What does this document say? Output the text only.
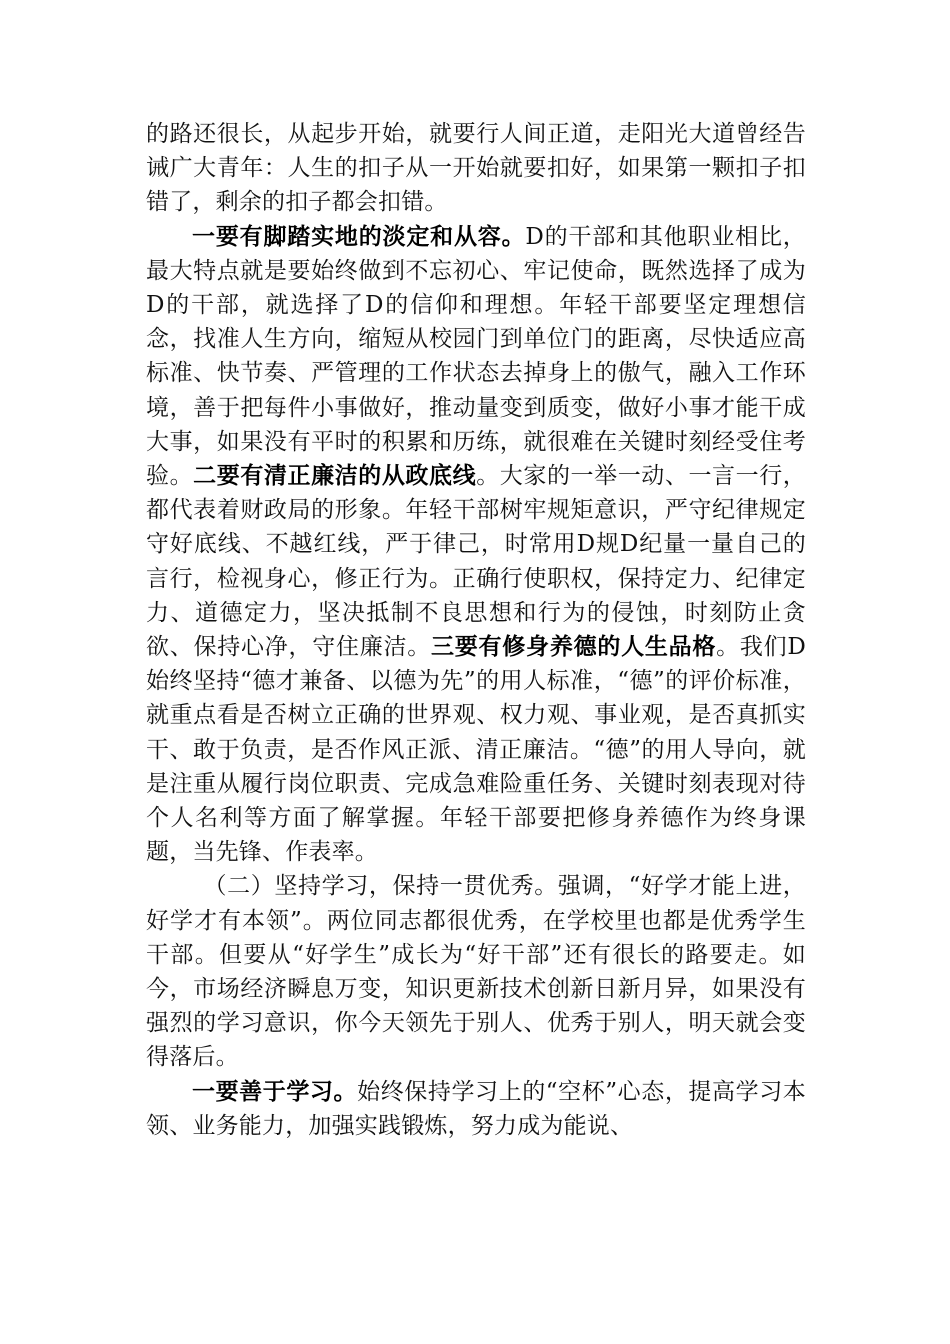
的路还很长，从起步开始，就要行人间正道，走阳光大道曾经告诫广大青年：人生的扣子从一开始就要扣好，如果第一颗扣子扣错了，剩余的扣子都会扣错。

一要有脚踏实地的淡定和从容。D的干部和其他职业相比，最大特点就是要始终做到不忘初心、牢记使命，既然选择了成为D的干部，就选择了D的信仰和理想。年轻干部要坚定理想信念，找准人生方向，缩短从校园门到单位门的距离，尽快适应高标准、快节奏、严管理的工作状态去掉身上的傲气，融入工作环境，善于把每件小事做好，推动量变到质变，做好小事才能干成大事，如果没有平时的积累和历练，就很难在关键时刻经受住考验。二要有清正廉洁的从政底线。大家的一举一动、一言一行，都代表着财政局的形象。年轻干部树牢规矩意识，严守纪律规定守好底线、不越红线，严于律己，时常用D规D纪量一量自己的言行，检视身心，修正行为。正确行使职权，保持定力、纪律定力、道德定力，坚决抵制不良思想和行为的侵蚀，时刻防止贪欲、保持心净，守住廉洁。三要有修身养德的人生品格。我们D始终坚持“德才兼备、以德为先”的用人标准，“德”的评价标准，就重点看是否树立正确的世界观、权力观、事业观，是否真抓实干、敢于负责，是否作风正派、清正廉洁。“德”的用人导向，就是注重从履行岗位职责、完成急难险重任务、关键时刻表现对待个人名利等方面了解掌握。年轻干部要把修身养德作为终身课题，当先锋、作表率。

（二）坚持学习，保持一贯优秀。强调，“好学才能上进，好学才有本领”。两位同志都很优秀，在学校里也都是优秀学生干部。但要从“好学生”成长为“好干部”还有很长的路要走。如今，市场经济瞬息万变，知识更新技术创新日新月异，如果没有强烈的学习意识，你今天领先于别人、优秀于别人，明天就会变得落后。

一要善于学习。始终保持学习上的“空杯”心态，提高学习本领、业务能力，加强实践锻炼，努力成为能说、
